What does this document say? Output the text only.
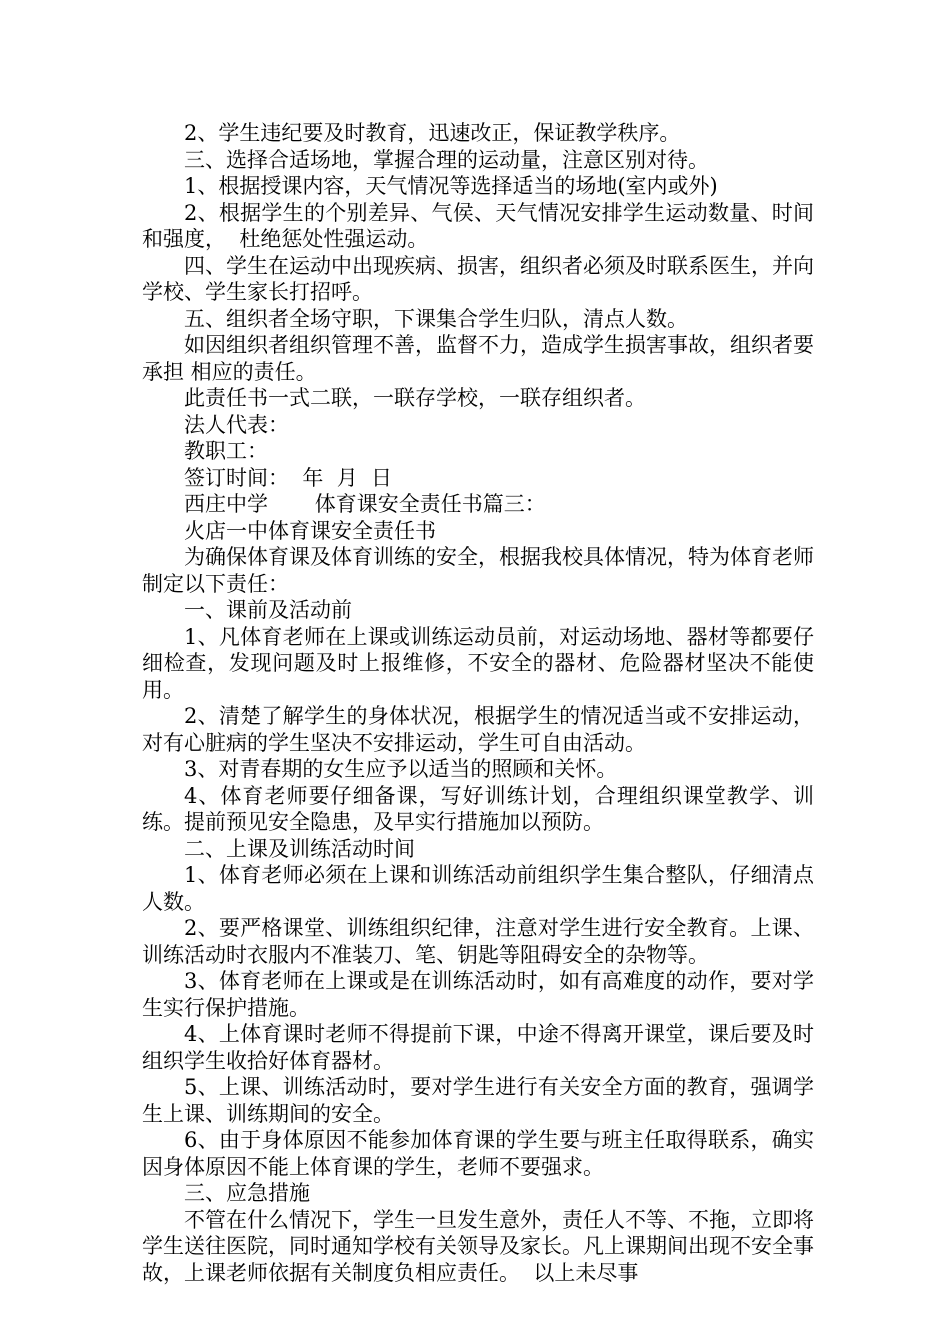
2、学生违纪要及时教育，迅速改正，保证教学秩序。

三、选择合适场地，掌握合理的运动量，注意区别对待。

1、根据授课内容，天气情况等选择适当的场地(室内或外)

2、根据学生的个别差异、气侯、天气情况安排学生运动数量、时间和强度，  杜绝惩处性强运动。

四、学生在运动中出现疾病、损害，组织者必须及时联系医生，并向学校、学生家长打招呼。

五、组织者全场守职，下课集合学生归队，清点人数。

如因组织者组织管理不善，监督不力，造成学生损害事故，组织者要承担 相应的责任。

此责任书一式二联，一联存学校，一联存组织者。

法人代表：

教职工：

签订时间：  年  月  日

西庄中学       体育课安全责任书篇三：

火店一中体育课安全责任书

为确保体育课及体育训练的安全，根据我校具体情况，特为体育老师制定以下责任：

一、课前及活动前

1、凡体育老师在上课或训练运动员前，对运动场地、器材等都要仔细检查，发现问题及时上报维修，不安全的器材、危险器材坚决不能使用。

2、清楚了解学生的身体状况，根据学生的情况适当或不安排运动，对有心脏病的学生坚决不安排运动，学生可自由活动。

3、对青春期的女生应予以适当的照顾和关怀。

4、体育老师要仔细备课，写好训练计划，合理组织课堂教学、训练。提前预见安全隐患，及早实行措施加以预防。

二、上课及训练活动时间

1、体育老师必须在上课和训练活动前组织学生集合整队，仔细清点人数。

2、要严格课堂、训练组织纪律，注意对学生进行安全教育。上课、训练活动时衣服内不准装刀、笔、钥匙等阻碍安全的杂物等。

3、体育老师在上课或是在训练活动时，如有高难度的动作，要对学生实行保护措施。

4、上体育课时老师不得提前下课，中途不得离开课堂，课后要及时组织学生收拾好体育器材。

5、上课、训练活动时，要对学生进行有关安全方面的教育，强调学生上课、训练期间的安全。

6、由于身体原因不能参加体育课的学生要与班主任取得联系，确实因身体原因不能上体育课的学生，老师不要强求。

三、应急措施

不管在什么情况下，学生一旦发生意外，责任人不等、不拖，立即将学生送往医院，同时通知学校有关领导及家长。凡上课期间出现不安全事故，上课老师依据有关制度负相应责任。  以上未尽事
